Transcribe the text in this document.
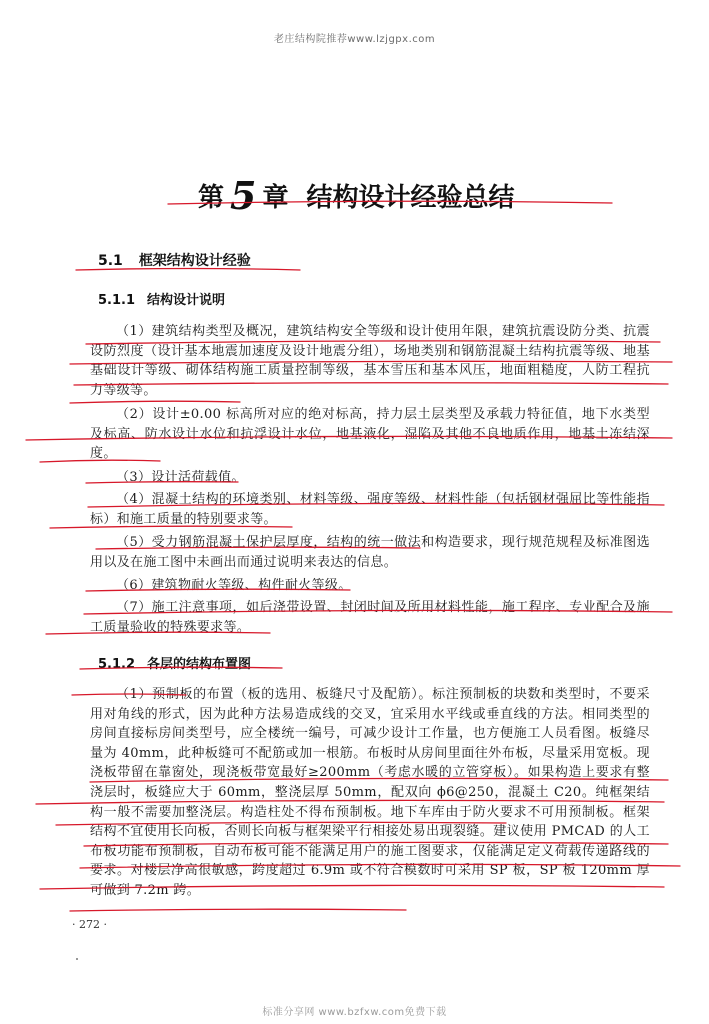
老庄结构院推荐www.lzjgpx.com
第 5 章 结构设计经验总结
5.1 框架结构设计经验
5.1.1 结构设计说明
（1）建筑结构类型及概况，建筑结构安全等级和设计使用年限，建筑抗震设防分类、抗震设防烈度（设计基本地震加速度及设计地震分组），场地类别和钢筋混凝土结构抗震等级、地基基础设计等级、砌体结构施工质量控制等级，基本雪压和基本风压，地面粗糙度，人防工程抗力等级等。
（2）设计±0.00 标高所对应的绝对标高，持力层土层类型及承载力特征值，地下水类型及标高、防水设计水位和抗浮设计水位，地基液化，湿陷及其他不良地质作用，地基土冻结深度。
（3）设计活荷载值。
（4）混凝土结构的环境类别、材料等级、强度等级、材料性能（包括钢材强屈比等性能指标）和施工质量的特别要求等。
（5）受力钢筋混凝土保护层厚度，结构的统一做法和构造要求，现行规范规程及标准图选用以及在施工图中未画出而通过说明来表达的信息。
（6）建筑物耐火等级、构件耐火等级。
（7）施工注意事项，如后浇带设置、封闭时间及所用材料性能，施工程序、专业配合及施工质量验收的特殊要求等。
5.1.2 各层的结构布置图
（1）预制板的布置（板的选用、板缝尺寸及配筋）。标注预制板的块数和类型时，不要采用对角线的形式，因为此种方法易造成线的交叉，宜采用水平线或垂直线的方法。相同类型的房间直接标房间类型号，应全楼统一编号，可减少设计工作量，也方便施工人员看图。板缝尽量为 40mm，此种板缝可不配筋或加一根筋。布板时从房间里面往外布板，尽量采用宽板。现浇板带留在靠窗处，现浇板带宽最好≥200mm（考虑水暖的立管穿板）。如果构造上要求有整浇层时，板缝应大于 60mm，整浇层厚 50mm，配双向 ϕ6@250，混凝土 C20。纯框架结构一般不需要加整浇层。构造柱处不得布预制板。地下车库由于防火要求不可用预制板。框架结构不宜使用长向板，否则长向板与框架梁平行相接处易出现裂缝。建议使用 PMCAD 的人工布板功能布预制板，自动布板可能不能满足用户的施工图要求，仅能满足定义荷载传递路线的要求。对楼层净高很敏感，跨度超过 6.9m 或不符合模数时可采用 SP 板，SP 板 120mm 厚可做到 7.2m 跨。
· 272 ·
标准分享网 www.bzfxw.com免费下载
